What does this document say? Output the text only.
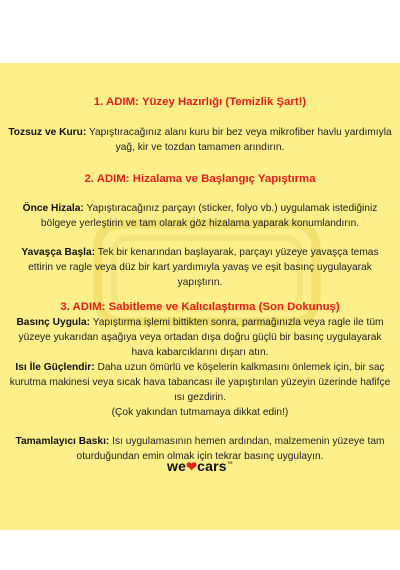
1. ADIM: Yüzey Hazırlığı (Temizlik Şart!)

Tozsuz ve Kuru: Yapıştıracağınız alanı kuru bir bez veya mikrofiber havlu yardımıyla yağ, kir ve tozdan tamamen arındırın.

2. ADIM: Hizalama ve Başlangıç Yapıştırma

Önce Hizala: Yapıştıracağınız parçayı (sticker, folyo vb.) uygulamak istediğiniz bölgeye yerleştirin ve tam olarak göz hizalama yaparak konumlandırın.

Yavaşça Başla: Tek bir kenarından başlayarak, parçayı yüzeye yavaşça temas ettirin ve ragle veya düz bir kart yardımıyla yavaş ve eşit basınç uygulayarak yapıştırın.

3. ADIM: Sabitleme ve Kalıcılaştırma (Son Dokunuş)

Basınç Uygula: Yapıştırma işlemi bittikten sonra, parmağınızla veya ragle ile tüm yüzeye yukarıdan aşağıya veya ortadan dışa doğru güçlü bir basınç uygulayarak hava kabarcıklarını dışarı atın.

Isı İle Güçlendir: Daha uzun ömürlü ve köşelerin kalkmasını önlemek için, bir saç kurutma makinesi veya sıcak hava tabancası ile yapıştırılan yüzeyin üzerinde hafifçe ısı gezdirin.

(Çok yakından tutmamaya dikkat edin!)

Tamamlayıcı Baskı: Isı uygulamasının hemen ardından, malzemenin yüzeye tam oturduğundan emin olmak için tekrar basınç uygulayın.

we❤cars™
